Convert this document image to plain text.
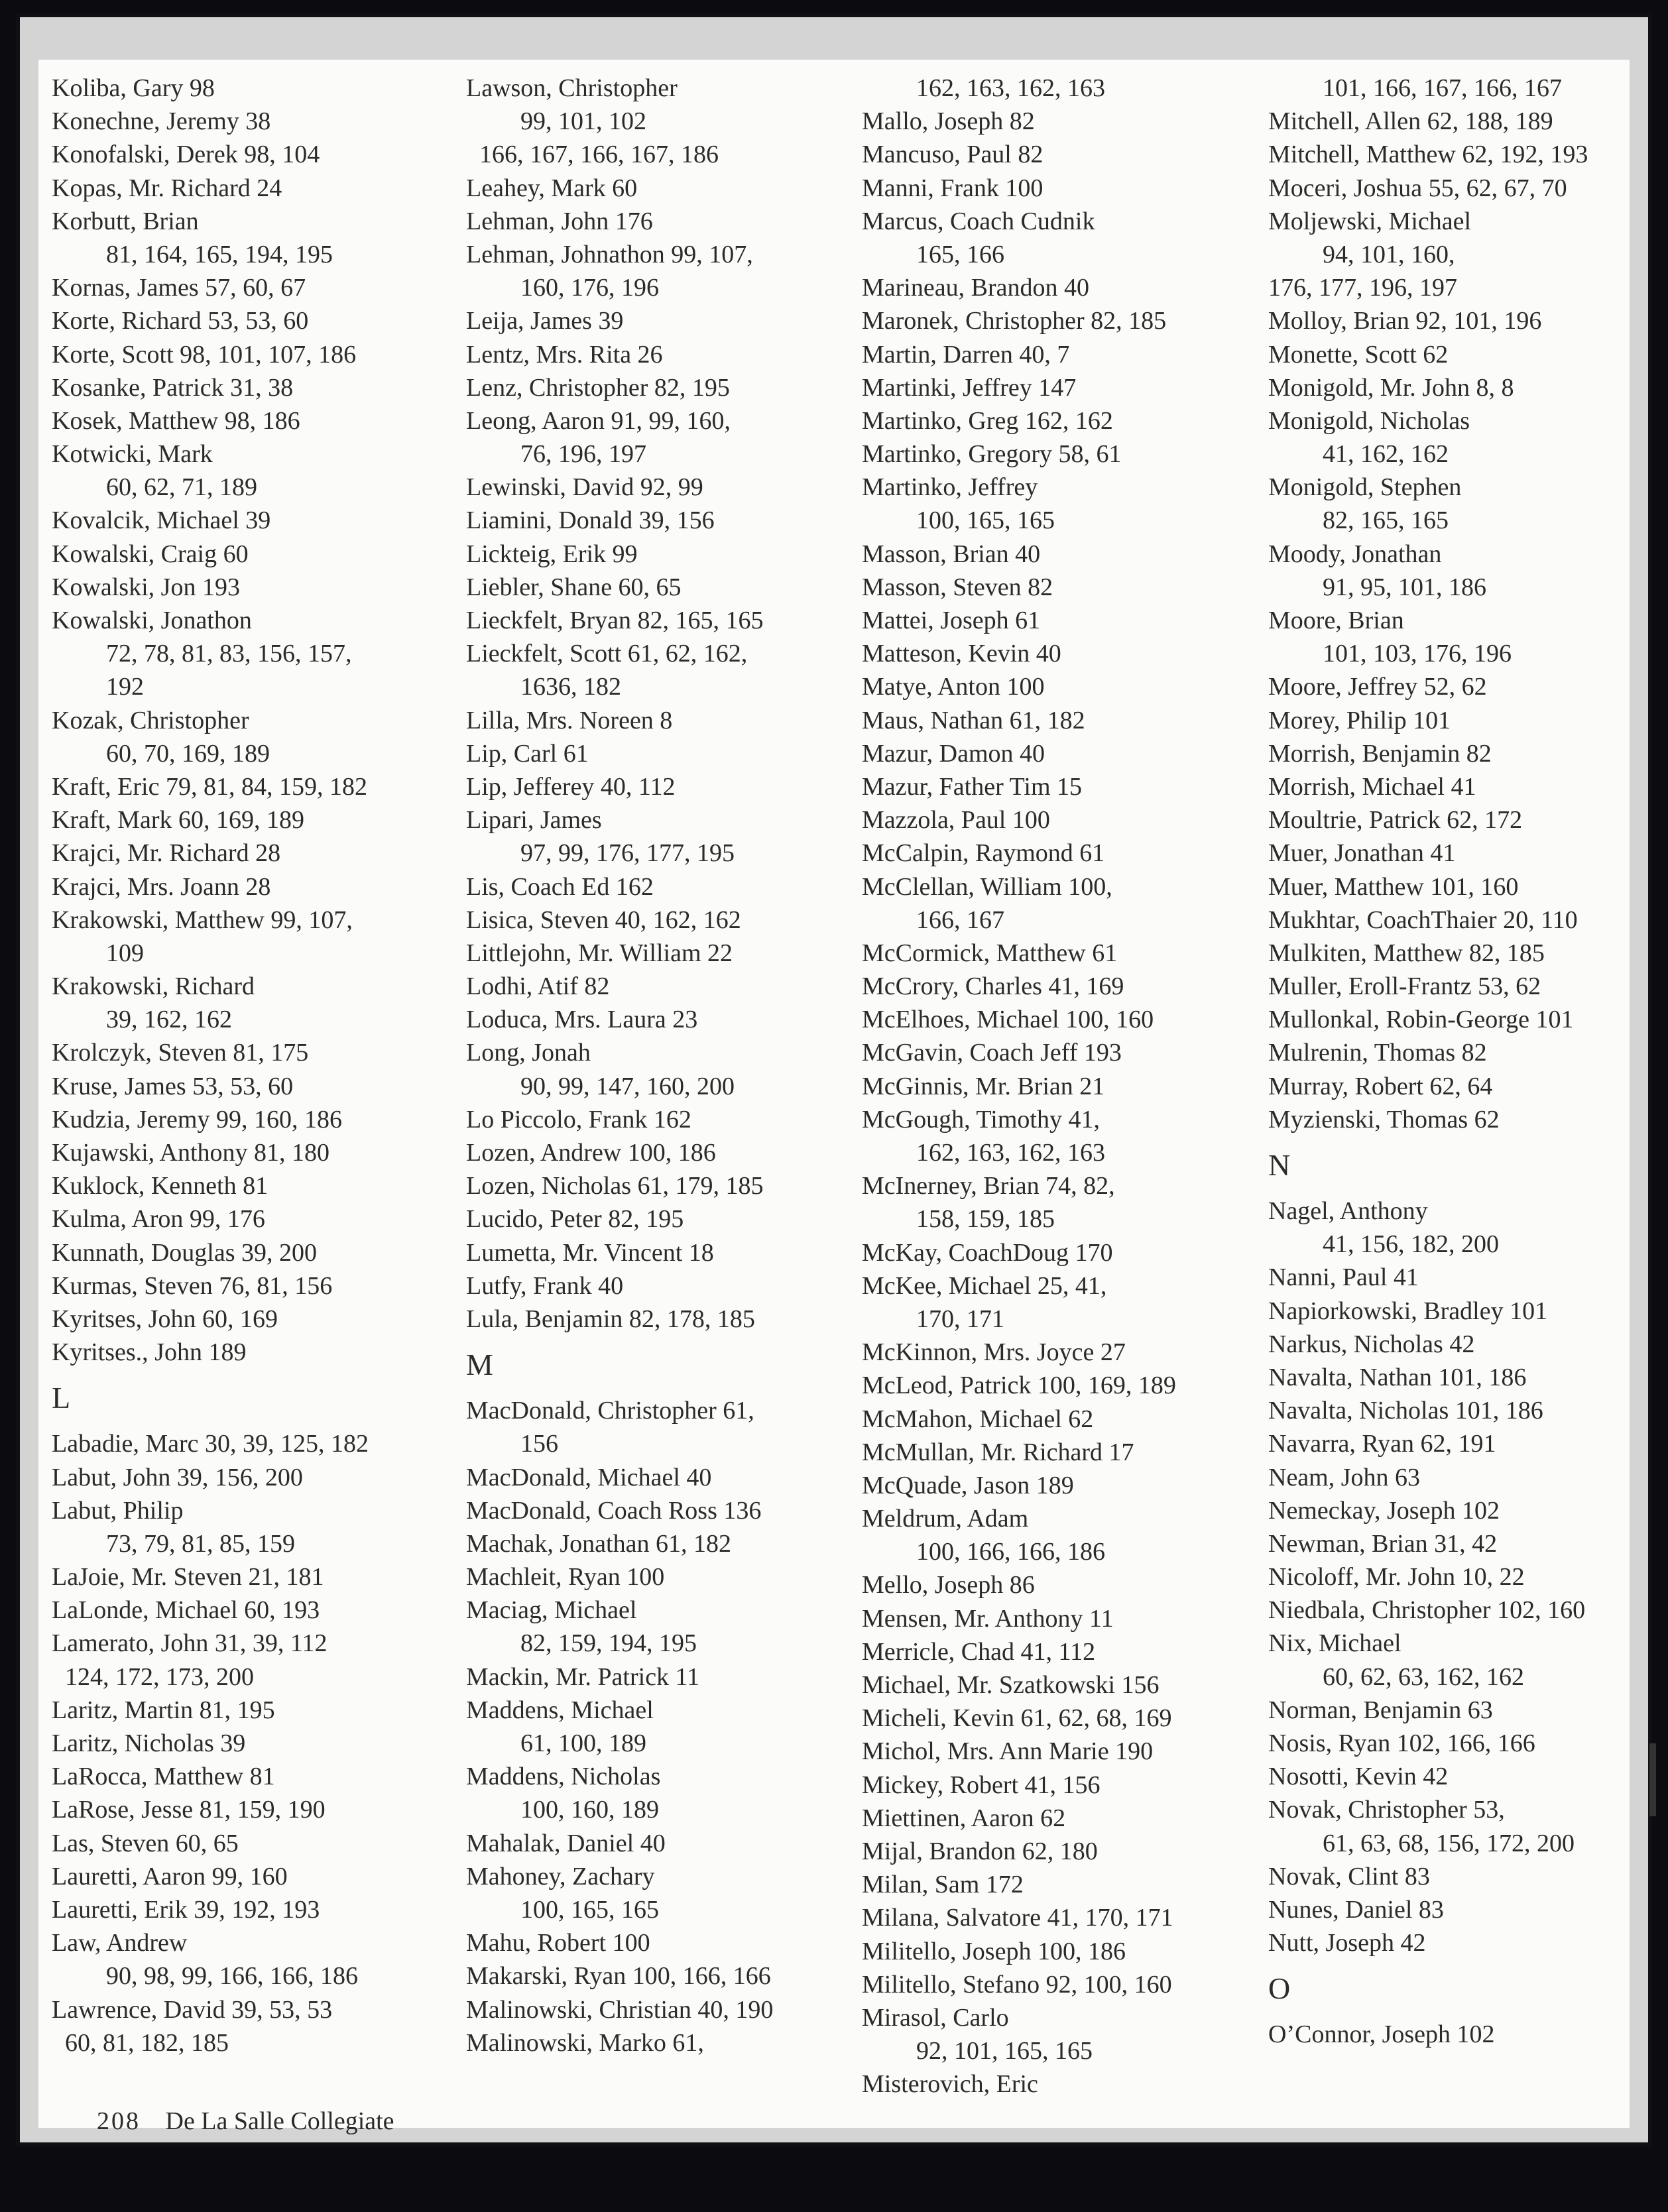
Koliba, Gary 98
Konechne, Jeremy 38
Konofalski, Derek 98, 104
Kopas, Mr. Richard 24
Korbutt, Brian
81, 164, 165, 194, 195
Kornas, James 57, 60, 67
Korte, Richard 53, 53, 60
Korte, Scott 98, 101, 107, 186
Kosanke, Patrick 31, 38
Kosek, Matthew 98, 186
Kotwicki, Mark
60, 62, 71, 189
Kovalcik, Michael 39
Kowalski, Craig 60
Kowalski, Jon 193
Kowalski, Jonathon
72, 78, 81, 83, 156, 157,
192
Kozak, Christopher
60, 70, 169, 189
Kraft, Eric 79, 81, 84, 159, 182
Kraft, Mark 60, 169, 189
Krajci, Mr. Richard 28
Krajci, Mrs. Joann 28
Krakowski, Matthew 99, 107,
109
Krakowski, Richard
39, 162, 162
Krolczyk, Steven 81, 175
Kruse, James 53, 53, 60
Kudzia, Jeremy 99, 160, 186
Kujawski, Anthony 81, 180
Kuklock, Kenneth 81
Kulma, Aron 99, 176
Kunnath, Douglas 39, 200
Kurmas, Steven 76, 81, 156
Kyritses, John 60, 169
Kyritses., John 189
L
Labadie, Marc 30, 39, 125, 182
Labut, John 39, 156, 200
Labut, Philip
73, 79, 81, 85, 159
LaJoie, Mr. Steven 21, 181
LaLonde, Michael 60, 193
Lamerato, John 31, 39, 112
124, 172, 173, 200
Laritz, Martin 81, 195
Laritz, Nicholas 39
LaRocca, Matthew 81
LaRose, Jesse 81, 159, 190
Las, Steven 60, 65
Lauretti, Aaron 99, 160
Lauretti, Erik 39, 192, 193
Law, Andrew
90, 98, 99, 166, 166, 186
Lawrence, David 39, 53, 53
60, 81, 182, 185
Lawson, Christopher
99, 101, 102
166, 167, 166, 167, 186
Leahey, Mark 60
Lehman, John 176
Lehman, Johnathon 99, 107,
160, 176, 196
Leija, James 39
Lentz, Mrs. Rita 26
Lenz, Christopher 82, 195
Leong, Aaron 91, 99, 160,
76, 196, 197
Lewinski, David 92, 99
Liamini, Donald 39, 156
Lickteig, Erik 99
Liebler, Shane 60, 65
Lieckfelt, Bryan 82, 165, 165
Lieckfelt, Scott 61, 62, 162,
1636, 182
Lilla, Mrs. Noreen 8
Lip, Carl 61
Lip, Jefferey 40, 112
Lipari, James
97, 99, 176, 177, 195
Lis, Coach Ed 162
Lisica, Steven 40, 162, 162
Littlejohn, Mr. William 22
Lodhi, Atif 82
Loduca, Mrs. Laura 23
Long, Jonah
90, 99, 147, 160, 200
Lo Piccolo, Frank 162
Lozen, Andrew 100, 186
Lozen, Nicholas 61, 179, 185
Lucido, Peter 82, 195
Lumetta, Mr. Vincent 18
Lutfy, Frank 40
Lula, Benjamin 82, 178, 185
M
MacDonald, Christopher 61,
156
MacDonald, Michael 40
MacDonald, Coach Ross 136
Machak, Jonathan 61, 182
Machleit, Ryan 100
Maciag, Michael
82, 159, 194, 195
Mackin, Mr. Patrick 11
Maddens, Michael
61, 100, 189
Maddens, Nicholas
100, 160, 189
Mahalak, Daniel 40
Mahoney, Zachary
100, 165, 165
Mahu, Robert 100
Makarski, Ryan 100, 166, 166
Malinowski, Christian 40, 190
Malinowski, Marko 61,
162, 163, 162, 163
Mallo, Joseph 82
Mancuso, Paul 82
Manni, Frank 100
Marcus, Coach Cudnik
165, 166
Marineau, Brandon 40
Maronek, Christopher 82, 185
Martin, Darren 40, 7
Martinki, Jeffrey 147
Martinko, Greg 162, 162
Martinko, Gregory 58, 61
Martinko, Jeffrey
100, 165, 165
Masson, Brian 40
Masson, Steven 82
Mattei, Joseph 61
Matteson, Kevin 40
Matye, Anton 100
Maus, Nathan 61, 182
Mazur, Damon 40
Mazur, Father Tim 15
Mazzola, Paul 100
McCalpin, Raymond 61
McClellan, William 100,
166, 167
McCormick, Matthew 61
McCrory, Charles 41, 169
McElhoes, Michael 100, 160
McGavin, Coach Jeff 193
McGinnis, Mr. Brian 21
McGough, Timothy 41,
162, 163, 162, 163
McInerney, Brian 74, 82,
158, 159, 185
McKay, CoachDoug 170
McKee, Michael 25, 41,
170, 171
McKinnon, Mrs. Joyce 27
McLeod, Patrick 100, 169, 189
McMahon, Michael 62
McMullan, Mr. Richard 17
McQuade, Jason 189
Meldrum, Adam
100, 166, 166, 186
Mello, Joseph 86
Mensen, Mr. Anthony 11
Merricle, Chad 41, 112
Michael, Mr. Szatkowski 156
Micheli, Kevin 61, 62, 68, 169
Michol, Mrs. Ann Marie 190
Mickey, Robert 41, 156
Miettinen, Aaron 62
Mijal, Brandon 62, 180
Milan, Sam 172
Milana, Salvatore 41, 170, 171
Militello, Joseph 100, 186
Militello, Stefano 92, 100, 160
Mirasol, Carlo
92, 101, 165, 165
Misterovich, Eric
101, 166, 167, 166, 167
Mitchell, Allen 62, 188, 189
Mitchell, Matthew 62, 192, 193
Moceri, Joshua 55, 62, 67, 70
Moljewski, Michael
94, 101, 160,
176, 177, 196, 197
Molloy, Brian 92, 101, 196
Monette, Scott 62
Monigold, Mr. John 8, 8
Monigold, Nicholas
41, 162, 162
Monigold, Stephen
82, 165, 165
Moody, Jonathan
91, 95, 101, 186
Moore, Brian
101, 103, 176, 196
Moore, Jeffrey 52, 62
Morey, Philip 101
Morrish, Benjamin 82
Morrish, Michael 41
Moultrie, Patrick 62, 172
Muer, Jonathan 41
Muer, Matthew 101, 160
Mukhtar, CoachThaier 20, 110
Mulkiten, Matthew 82, 185
Muller, Eroll-Frantz 53, 62
Mullonkal, Robin-George 101
Mulrenin, Thomas 82
Murray, Robert 62, 64
Myzienski, Thomas 62
N
Nagel, Anthony
41, 156, 182, 200
Nanni, Paul 41
Napiorkowski, Bradley 101
Narkus, Nicholas 42
Navalta, Nathan 101, 186
Navalta, Nicholas 101, 186
Navarra, Ryan 62, 191
Neam, John 63
Nemeckay, Joseph 102
Newman, Brian 31, 42
Nicoloff, Mr. John 10, 22
Niedbala, Christopher 102, 160
Nix, Michael
60, 62, 63, 162, 162
Norman, Benjamin 63
Nosis, Ryan 102, 166, 166
Nosotti, Kevin 42
Novak, Christopher 53,
61, 63, 68, 156, 172, 200
Novak, Clint 83
Nunes, Daniel 83
Nutt, Joseph 42
O
O’Connor, Joseph 102
208 De La Salle Collegiate
